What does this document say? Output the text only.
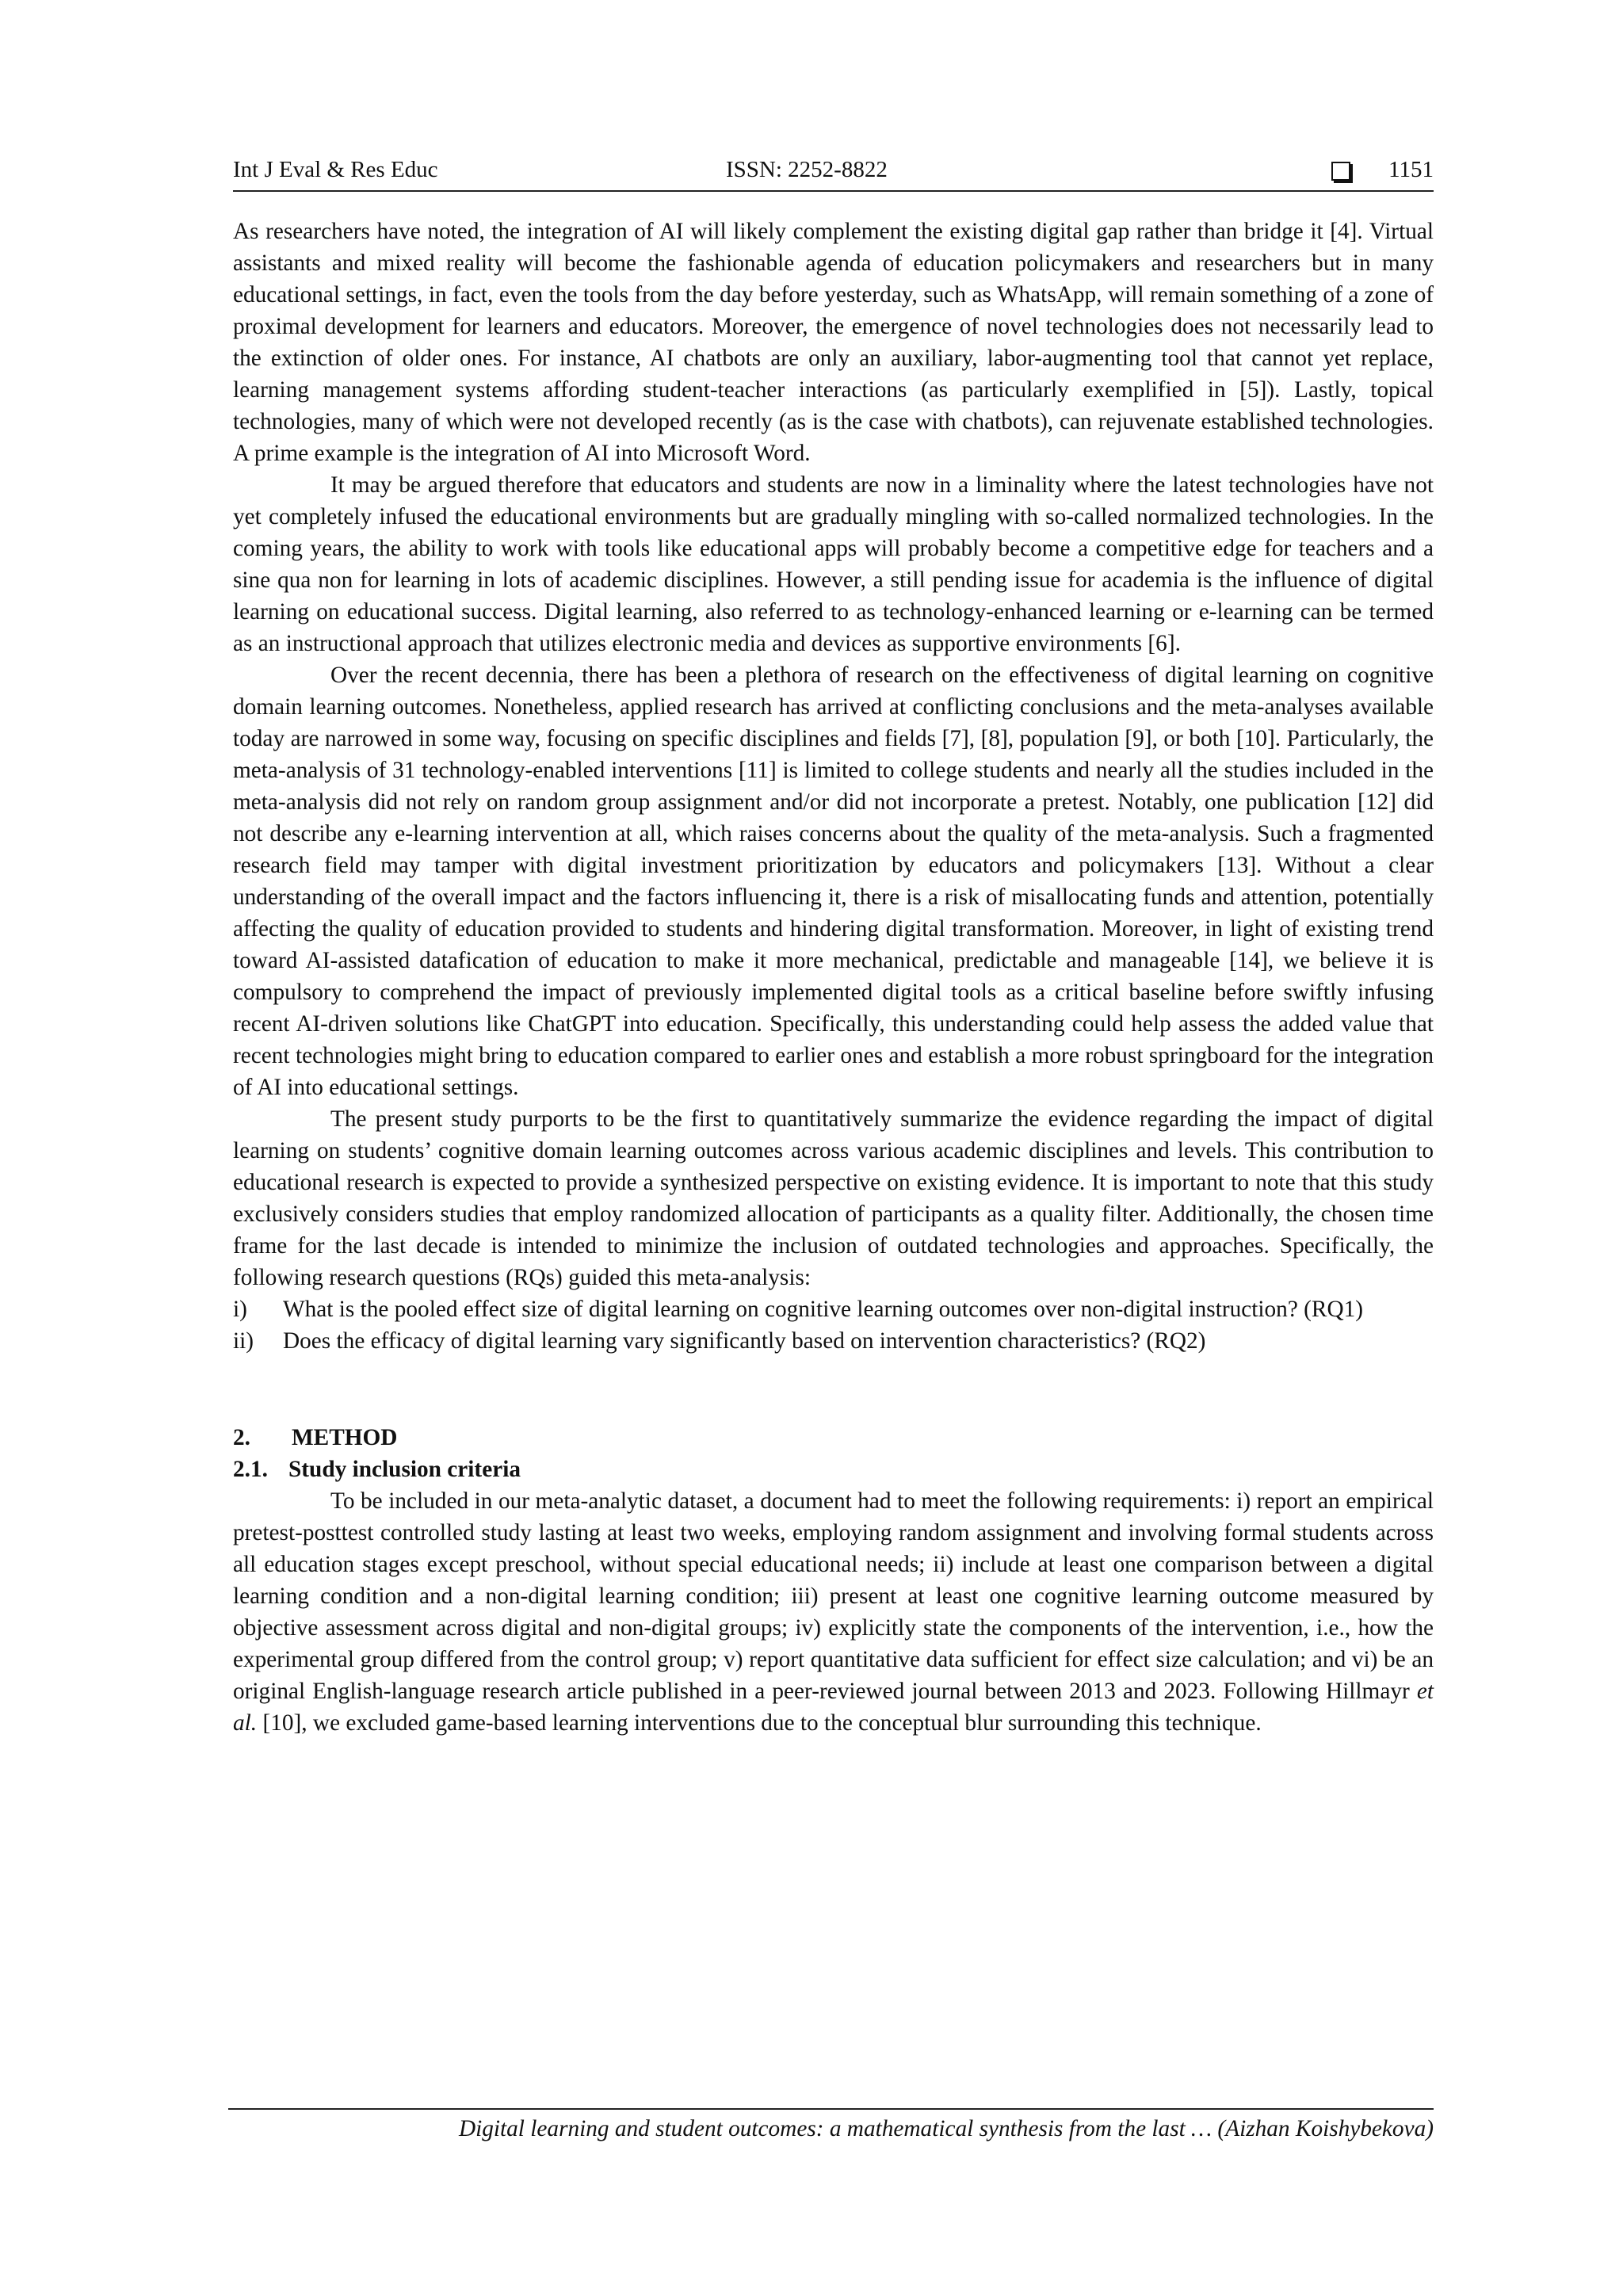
Int J Eval & Res Educ	ISSN: 2252-8822	1151

As researchers have noted, the integration of AI will likely complement the existing digital gap rather than bridge it [4]. Virtual assistants and mixed reality will become the fashionable agenda of education policymakers and researchers but in many educational settings, in fact, even the tools from the day before yesterday, such as WhatsApp, will remain something of a zone of proximal development for learners and educators. Moreover, the emergence of novel technologies does not necessarily lead to the extinction of older ones. For instance, AI chatbots are only an auxiliary, labor-augmenting tool that cannot yet replace, learning management systems affording student-teacher interactions (as particularly exemplified in [5]). Lastly, topical technologies, many of which were not developed recently (as is the case with chatbots), can rejuvenate established technologies. A prime example is the integration of AI into Microsoft Word.

It may be argued therefore that educators and students are now in a liminality where the latest technologies have not yet completely infused the educational environments but are gradually mingling with so-called normalized technologies. In the coming years, the ability to work with tools like educational apps will probably become a competitive edge for teachers and a sine qua non for learning in lots of academic disciplines. However, a still pending issue for academia is the influence of digital learning on educational success. Digital learning, also referred to as technology-enhanced learning or e-learning can be termed as an instructional approach that utilizes electronic media and devices as supportive environments [6].

Over the recent decennia, there has been a plethora of research on the effectiveness of digital learning on cognitive domain learning outcomes. Nonetheless, applied research has arrived at conflicting conclusions and the meta-analyses available today are narrowed in some way, focusing on specific disciplines and fields [7], [8], population [9], or both [10]. Particularly, the meta-analysis of 31 technology-enabled interventions [11] is limited to college students and nearly all the studies included in the meta-analysis did not rely on random group assignment and/or did not incorporate a pretest. Notably, one publication [12] did not describe any e-learning intervention at all, which raises concerns about the quality of the meta-analysis. Such a fragmented research field may tamper with digital investment prioritization by educators and policymakers [13]. Without a clear understanding of the overall impact and the factors influencing it, there is a risk of misallocating funds and attention, potentially affecting the quality of education provided to students and hindering digital transformation. Moreover, in light of existing trend toward AI-assisted datafication of education to make it more mechanical, predictable and manageable [14], we believe it is compulsory to comprehend the impact of previously implemented digital tools as a critical baseline before swiftly infusing recent AI-driven solutions like ChatGPT into education. Specifically, this understanding could help assess the added value that recent technologies might bring to education compared to earlier ones and establish a more robust springboard for the integration of AI into educational settings.

The present study purports to be the first to quantitatively summarize the evidence regarding the impact of digital learning on students’ cognitive domain learning outcomes across various academic disciplines and levels. This contribution to educational research is expected to provide a synthesized perspective on existing evidence. It is important to note that this study exclusively considers studies that employ randomized allocation of participants as a quality filter. Additionally, the chosen time frame for the last decade is intended to minimize the inclusion of outdated technologies and approaches. Specifically, the following research questions (RQs) guided this meta-analysis:

i)	What is the pooled effect size of digital learning on cognitive learning outcomes over non-digital instruction? (RQ1)
ii)	Does the efficacy of digital learning vary significantly based on intervention characteristics? (RQ2)
2. METHOD
2.1. Study inclusion criteria

To be included in our meta-analytic dataset, a document had to meet the following requirements: i) report an empirical pretest-posttest controlled study lasting at least two weeks, employing random assignment and involving formal students across all education stages except preschool, without special educational needs; ii) include at least one comparison between a digital learning condition and a non-digital learning condition; iii) present at least one cognitive learning outcome measured by objective assessment across digital and non-digital groups; iv) explicitly state the components of the intervention, i.e., how the experimental group differed from the control group; v) report quantitative data sufficient for effect size calculation; and vi) be an original English-language research article published in a peer-reviewed journal between 2013 and 2023. Following Hillmayr et al. [10], we excluded game-based learning interventions due to the conceptual blur surrounding this technique.

Digital learning and student outcomes: a mathematical synthesis from the last … (Aizhan Koishybekova)
